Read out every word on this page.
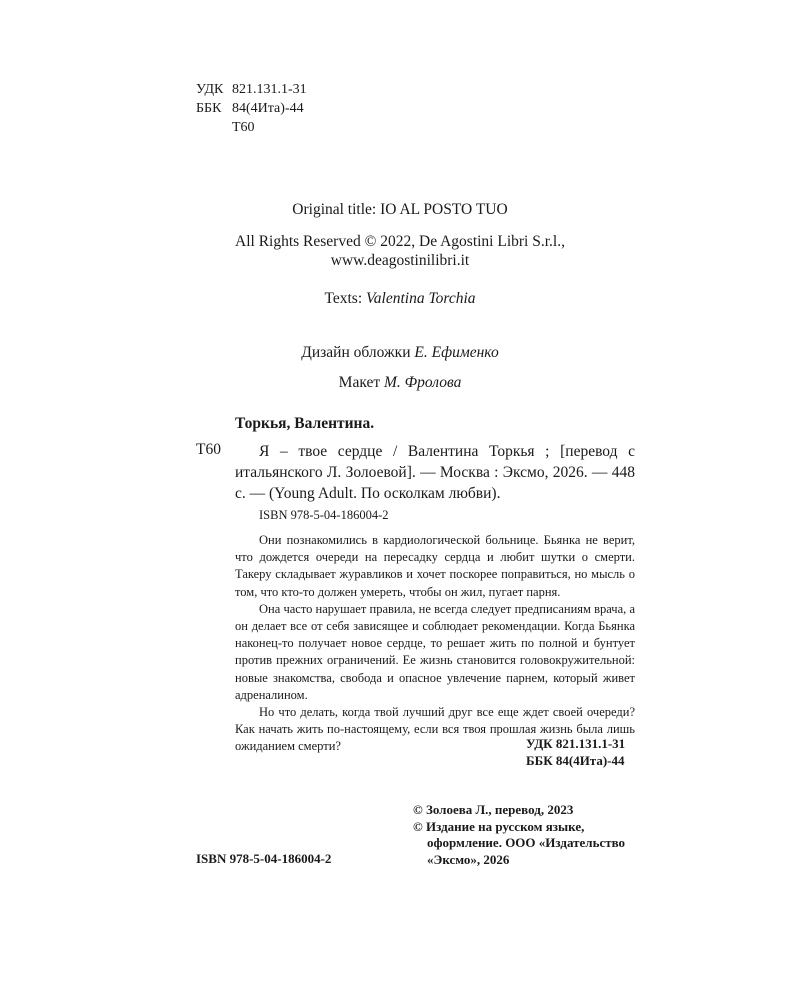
УДК 821.131.1-31
ББК 84(4Ита)-44
Т60
Original title: IO AL POSTO TUO
All Rights Reserved © 2022, De Agostini Libri S.r.l.,
www.deagostinilibri.it
Texts: Valentina Torchia
Дизайн обложки Е. Ефименко
Макет М. Фролова
Торкья, Валентина.
Т60	Я – твое сердце / Валентина Торкья ; [перевод с итальянского Л. Золоевой]. — Москва : Эксмо, 2026. — 448 с. — (Young Adult. По осколкам любви).
ISBN 978-5-04-186004-2

Они познакомились в кардиологической больнице. Бьянка не верит, что дождется очереди на пересадку сердца и любит шутки о смерти. Такеру складывает журавликов и хочет поскорее поправиться, но мысль о том, что кто-то должен умереть, чтобы он жил, пугает парня.

Она часто нарушает правила, не всегда следует предписаниям врача, а он делает все от себя зависящее и соблюдает рекомендации. Когда Бьянка наконец-то получает новое сердце, то решает жить по полной и бунтует против прежних ограничений. Ее жизнь становится головокружительной: новые знакомства, свобода и опасное увлечение парнем, который живет адреналином.

Но что делать, когда твой лучший друг все еще ждет своей очереди? Как начать жить по-настоящему, если вся твоя прошлая жизнь была лишь ожиданием смерти?	УДК 821.131.1-31
ББК 84(4Ита)-44
© Золоева Л., перевод, 2023
© Издание на русском языке,
оформление. ООО «Издательство
«Эксмо», 2026
ISBN 978-5-04-186004-2
